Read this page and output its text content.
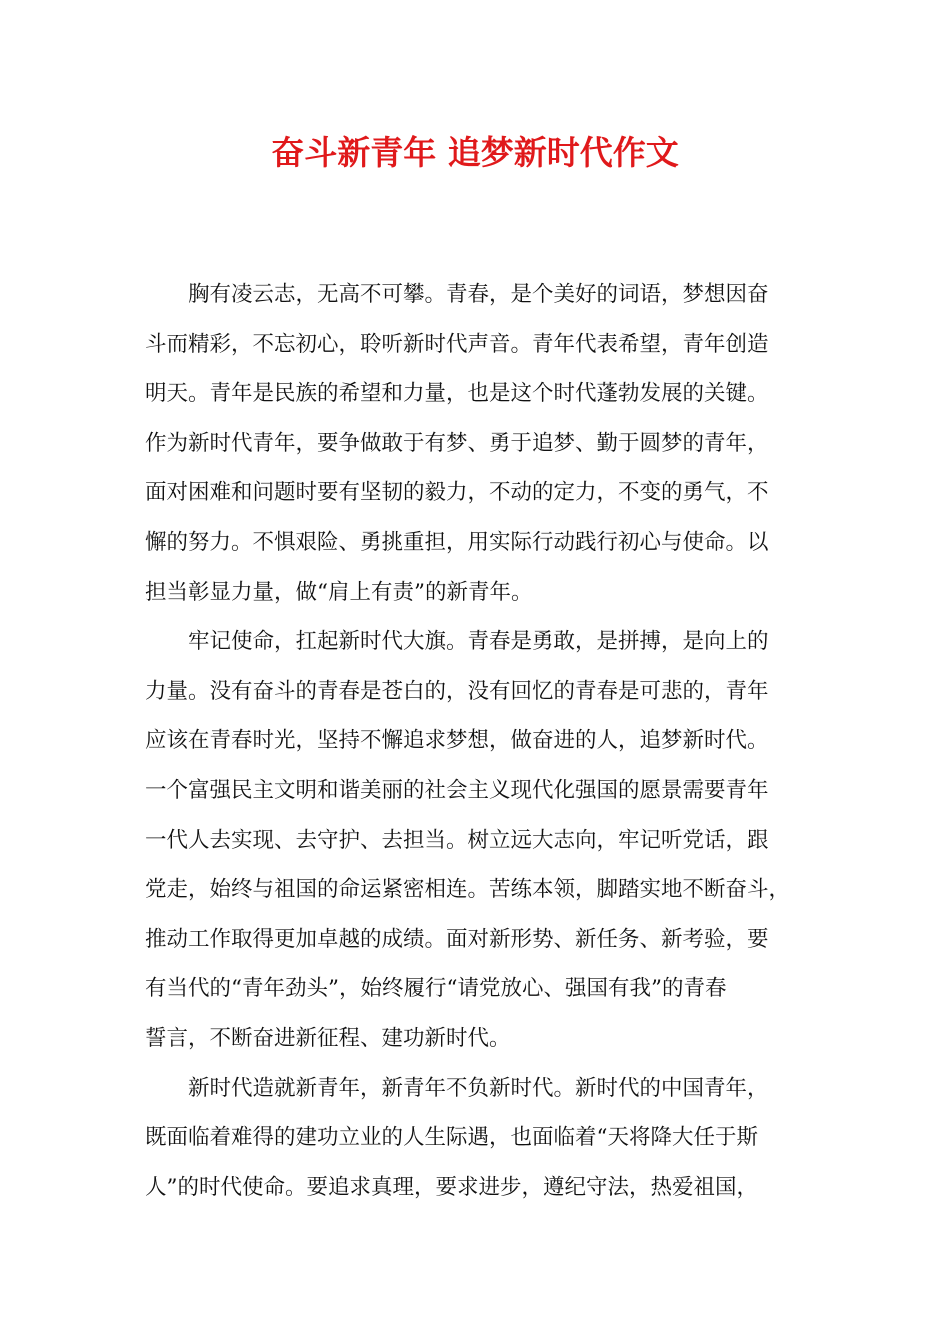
奋斗新青年 追梦新时代作文
胸有凌云志，无高不可攀。青春，是个美好的词语，梦想因奋
斗而精彩，不忘初心，聆听新时代声音。青年代表希望，青年创造
明天。青年是民族的希望和力量，也是这个时代蓬勃发展的关键。
作为新时代青年，要争做敢于有梦、勇于追梦、勤于圆梦的青年，
面对困难和问题时要有坚韧的毅力，不动的定力，不变的勇气，不
懈的努力。不惧艰险、勇挑重担，用实际行动践行初心与使命。以
担当彰显力量，做“肩上有责”的新青年。
牢记使命，扛起新时代大旗。青春是勇敢，是拼搏，是向上的
力量。没有奋斗的青春是苍白的，没有回忆的青春是可悲的，青年
应该在青春时光，坚持不懈追求梦想，做奋进的人，追梦新时代。
一个富强民主文明和谐美丽的社会主义现代化强国的愿景需要青年
一代人去实现、去守护、去担当。树立远大志向，牢记听党话，跟
党走，始终与祖国的命运紧密相连。苦练本领，脚踏实地不断奋斗，
推动工作取得更加卓越的成绩。面对新形势、新任务、新考验，要
有当代的“青年劲头”，始终履行“请党放心、强国有我”的青春
誓言，不断奋进新征程、建功新时代。
新时代造就新青年，新青年不负新时代。新时代的中国青年，
既面临着难得的建功立业的人生际遇，也面临着“天将降大任于斯
人”的时代使命。要追求真理，要求进步，遵纪守法，热爱祖国，
